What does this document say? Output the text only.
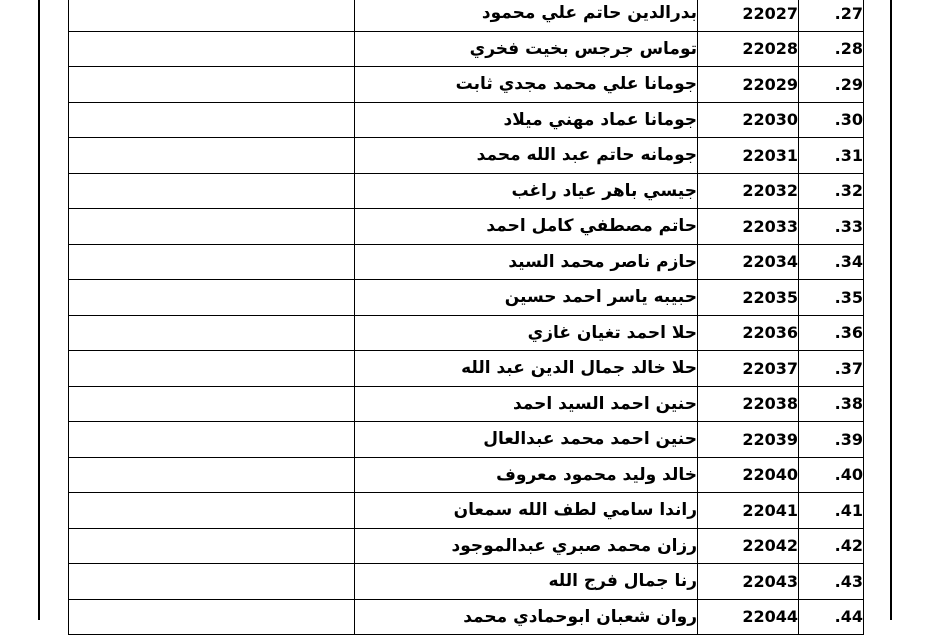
	بدرالدين حاتم علي محمود	22027	.27
	توماس جرجس بخيت فخري	22028	.28
	جومانا علي محمد مجدي ثابت	22029	.29
	جومانا عماد مهني ميلاد	22030	.30
	جومانه حاتم عبد الله محمد	22031	.31
	جيسي باهر عياد راغب	22032	.32
	حاتم مصطفي كامل احمد	22033	.33
	حازم ناصر محمد السيد	22034	.34
	حبيبه ياسر احمد حسين	22035	.35
	حلا احمد تغيان غازي	22036	.36
	حلا خالد جمال الدين عبد الله	22037	.37
	حنين احمد السيد احمد	22038	.38
	حنين احمد محمد عبدالعال	22039	.39
	خالد وليد محمود معروف	22040	.40
	راندا سامي لطف الله سمعان	22041	.41
	رزان محمد صبري عبدالموجود	22042	.42
	رنا جمال فرج الله	22043	.43
	روان شعبان ابوحمادي محمد	22044	.44
